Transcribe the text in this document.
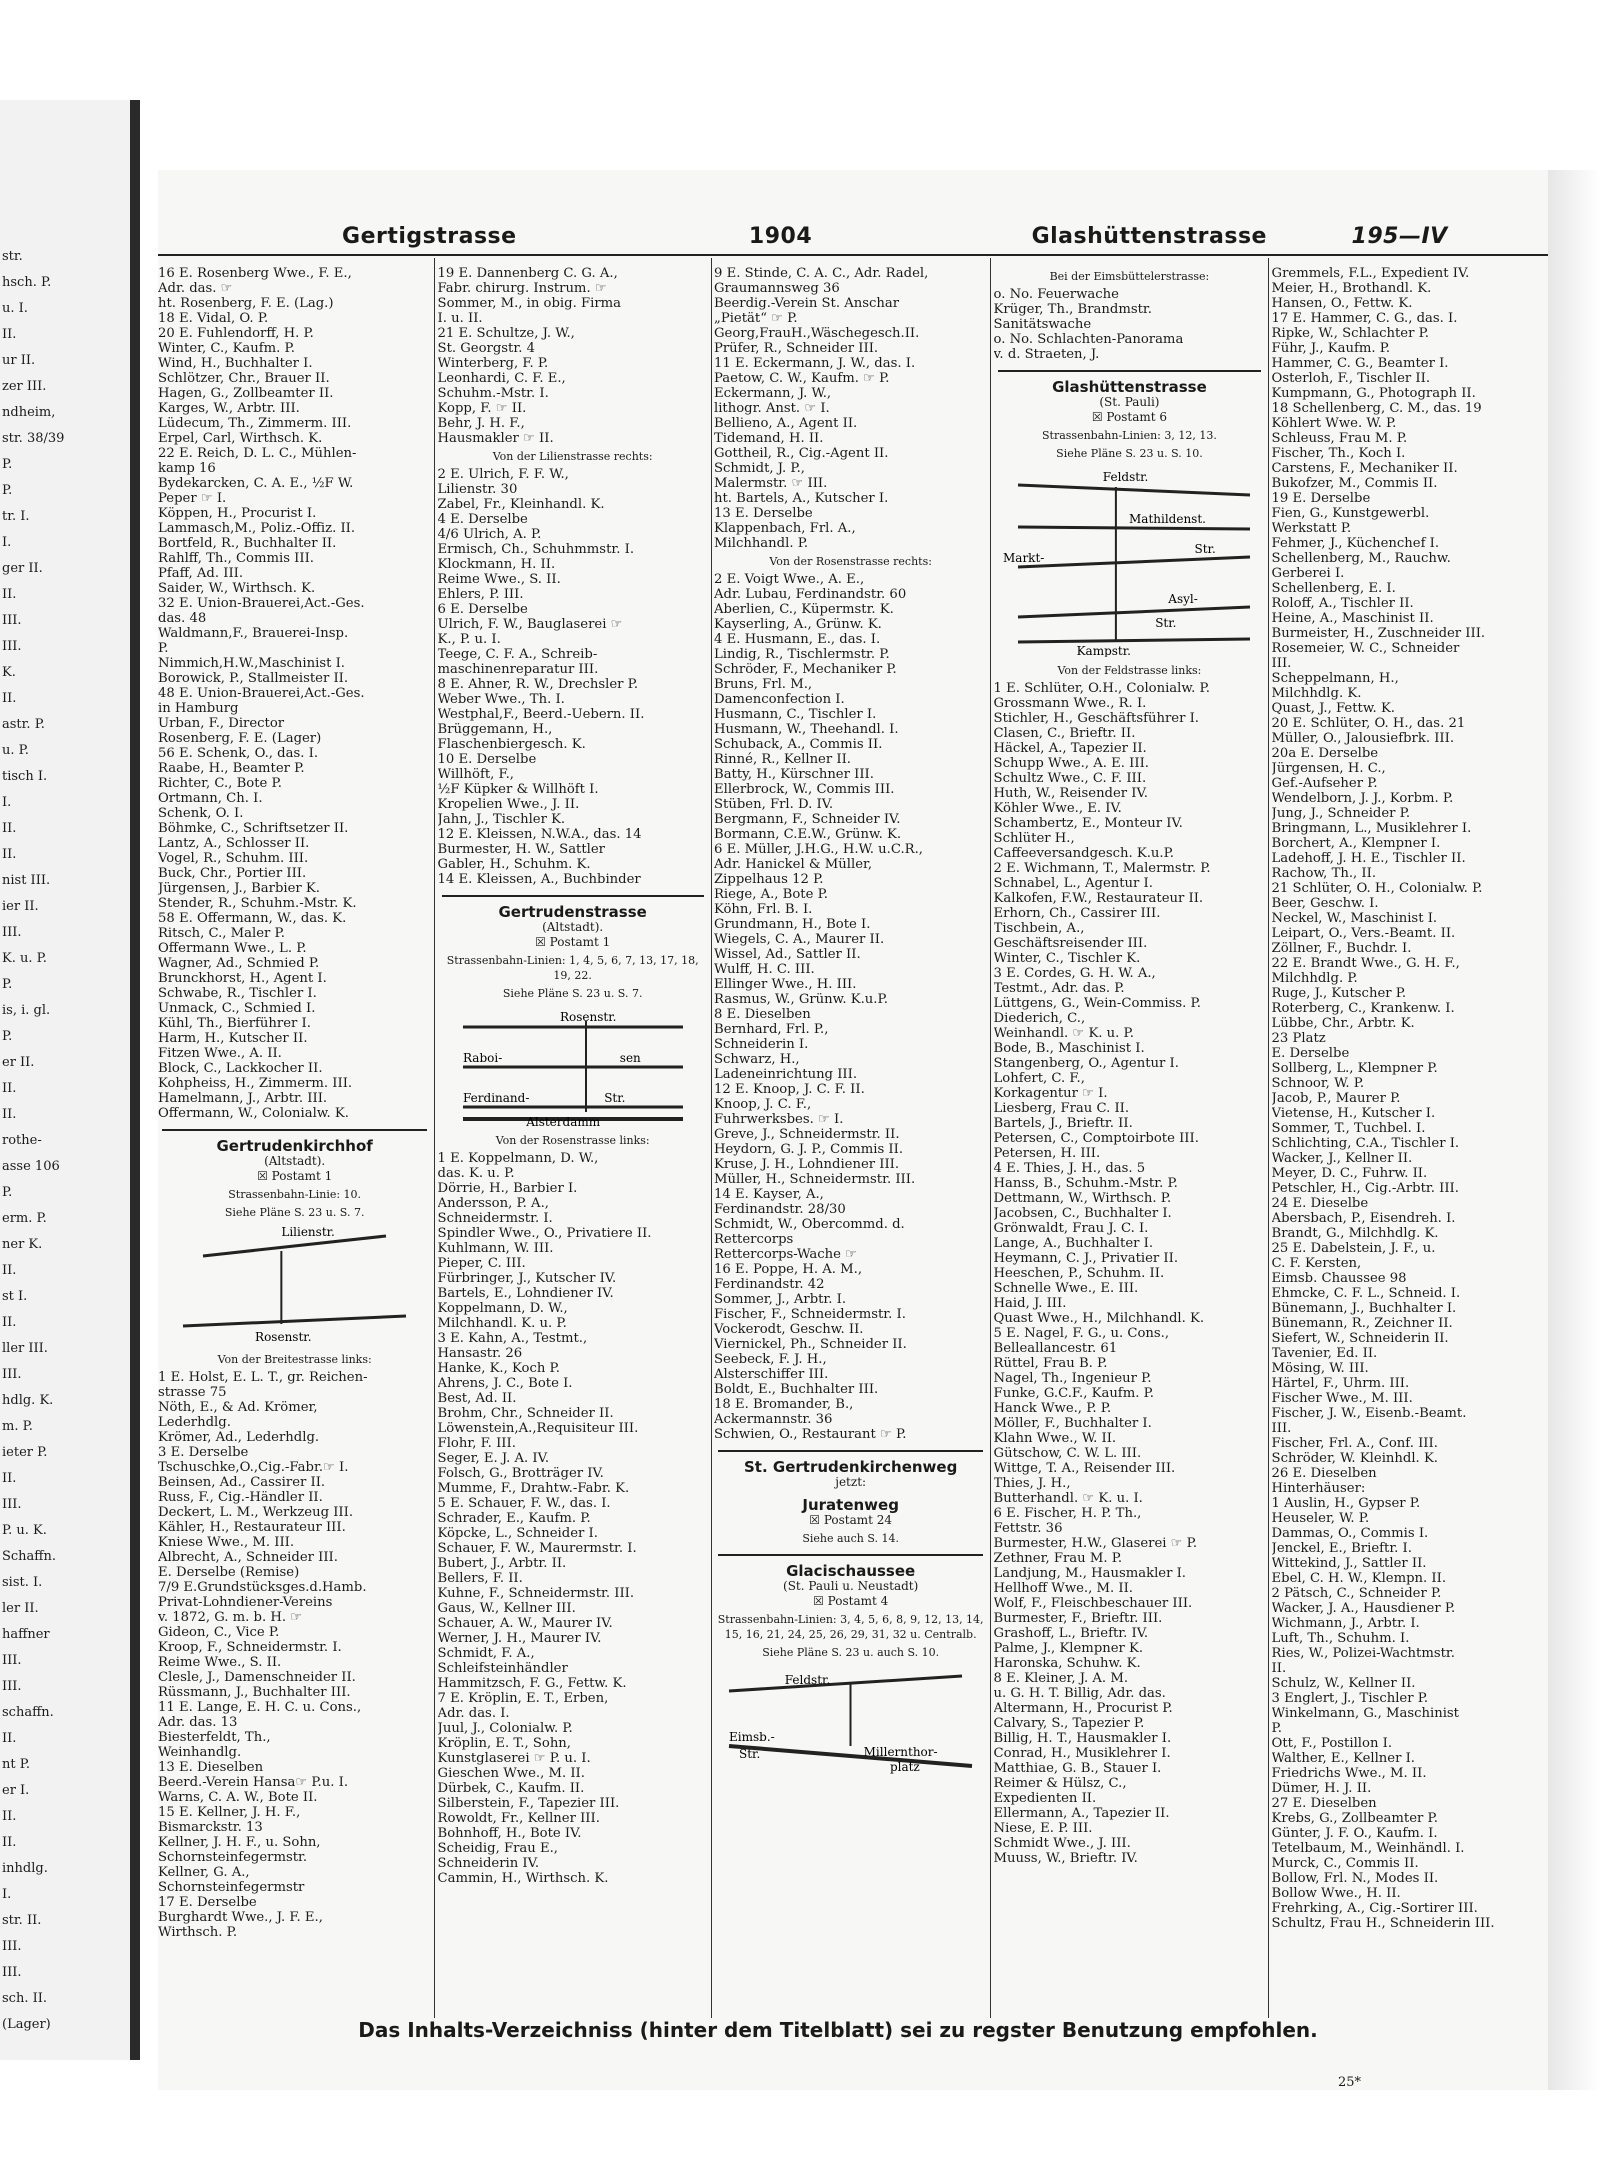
str.
hsch. P.
u. I.
II.
ur II.
zer III.
ndheim,
str. 38/39
P.
P.
tr. I.
I.
ger II.
II.
III.
III.
K.
II.
astr. P.
u. P.
tisch I.
I.
II.
II.
nist III.
ier II.
III.
K. u. P.
P.
is, i. gl.
P.
er II.
II.
II.
rothe-
asse 106
P.
erm. P.
ner K.
II.
st I.
II.
ller III.
III.
hdlg. K.
m. P.
ieter P.
II.
III.
P. u. K.
Schaffn.
sist. I.
ler II.
haffner
III.
III.
schaffn.
II.
nt P.
er I.
II.
II.
inhdlg.
I.
str. II.
III.
III.
sch. II.
(Lager)
Gertigstrasse	1904	Glashüttenstrasse	195—IV
16 E. Rosenberg Wwe., F. E.,
Adr. das. ☞
ht. Rosenberg, F. E. (Lag.)
18 E. Vidal, O. P.
20 E. Fuhlendorff, H. P.
Winter, C., Kaufm. P.
Wind, H., Buchhalter I.
Schlötzer, Chr., Brauer II.
Hagen, G., Zollbeamter II.
Karges, W., Arbtr. III.
Lüdecum, Th., Zimmerm. III.
Erpel, Carl, Wirthsch. K.
22 E. Reich, D. L. C., Mühlen-
kamp 16
Bydekarcken, C. A. E., ½F W.
Peper ☞ I.
Köppen, H., Procurist I.
Lammasch,M., Poliz.-Offiz. II.
Bortfeld, R., Buchhalter II.
Rahlff, Th., Commis III.
Pfaff, Ad. III.
Saider, W., Wirthsch. K.
32 E. Union-Brauerei,Act.-Ges.
das. 48
Waldmann,F., Brauerei-Insp.
P.
Nimmich,H.W.,Maschinist I.
Borowick, P., Stallmeister II.
48 E. Union-Brauerei,Act.-Ges.
in Hamburg
Urban, F., Director
Rosenberg, F. E. (Lager)
56 E. Schenk, O., das. I.
Raabe, H., Beamter P.
Richter, C., Bote P.
Ortmann, Ch. I.
Schenk, O. I.
Böhmke, C., Schriftsetzer II.
Lantz, A., Schlosser II.
Vogel, R., Schuhm. III.
Buck, Chr., Portier III.
Jürgensen, J., Barbier K.
Stender, R., Schuhm.-Mstr. K.
58 E. Offermann, W., das. K.
Ritsch, C., Maler P.
Offermann Wwe., L. P.
Wagner, Ad., Schmied P.
Brunckhorst, H., Agent I.
Schwabe, R., Tischler I.
Unmack, C., Schmied I.
Kühl, Th., Bierführer I.
Harm, H., Kutscher II.
Fitzen Wwe., A. II.
Block, C., Lackkocher II.
Kohpheiss, H., Zimmerm. III.
Hamelmann, J., Arbtr. III.
Offermann, W., Colonialw. K.
Gertrudenkirchhof
(Altstadt).
☒ Postamt 1
Strassenbahn-Linie: 10.
Siehe Pläne S. 23 u. S. 7.
Lilienstr.
Rosenstr.
Von der Breitestrasse links:
1 E. Holst, E. L. T., gr. Reichen-
strasse 75
Nöth, E., & Ad. Krömer,
Lederhdlg.
Krömer, Ad., Lederhdlg.
3 E. Derselbe
Tschuschke,O.,Cig.-Fabr.☞ I.
Beinsen, Ad., Cassirer II.
Russ, F., Cig.-Händler II.
Deckert, L. M., Werkzeug III.
Kähler, H., Restaurateur III.
Kniese Wwe., M. III.
Albrecht, A., Schneider III.
E. Derselbe (Remise)
7/9 E.Grundstücksges.d.Hamb.
Privat-Lohndiener-Vereins
v. 1872, G. m. b. H. ☞
Gideon, C., Vice P.
Kroop, F., Schneidermstr. I.
Reime Wwe., S. II.
Clesle, J., Damenschneider II.
Rüssmann, J., Buchhalter III.
11 E. Lange, E. H. C. u. Cons.,
Adr. das. 13
Biesterfeldt, Th.,
Weinhandlg.
13 E. Dieselben
Beerd.-Verein Hansa☞ P.u. I.
Warns, C. A. W., Bote II.
15 E. Kellner, J. H. F.,
Bismarckstr. 13
Kellner, J. H. F., u. Sohn,
Schornsteinfegermstr.
Kellner, G. A.,
Schornsteinfegermstr
17 E. Derselbe
Burghardt Wwe., J. F. E.,
Wirthsch. P.
19 E. Dannenberg C. G. A.,
Fabr. chirurg. Instrum. ☞
Sommer, M., in obig. Firma
I. u. II.
21 E. Schultze, J. W.,
St. Georgstr. 4
Winterberg, F. P.
Leonhardi, C. F. E.,
Schuhm.-Mstr. I.
Kopp, F. ☞ II.
Behr, J. H. F.,
Hausmakler ☞ II.
Von der Lilienstrasse rechts:
2 E. Ulrich, F. F. W.,
Lilienstr. 30
Zabel, Fr., Kleinhandl. K.
4 E. Derselbe
4/6 Ulrich, A. P.
Ermisch, Ch., Schuhmmstr. I.
Klockmann, H. II.
Reime Wwe., S. II.
Ehlers, P. III.
6 E. Derselbe
Ulrich, F. W., Bauglaserei ☞
K., P. u. I.
Teege, C. F. A., Schreib-
maschinenreparatur III.
8 E. Ahner, R. W., Drechsler P.
Weber Wwe., Th. I.
Westphal,F., Beerd.-Uebern. II.
Brüggemann, H.,
Flaschenbiergesch. K.
10 E. Derselbe
Willhöft, F.,
½F Küpker & Willhöft I.
Kropelien Wwe., J. II.
Jahn, J., Tischler K.
12 E. Kleissen, N.W.A., das. 14
Burmester, H. W., Sattler
Gabler, H., Schuhm. K.
14 E. Kleissen, A., Buchbinder
Gertrudenstrasse
(Altstadt).
☒ Postamt 1
Strassenbahn-Linien: 1, 4, 5, 6, 7, 13, 17, 18, 19, 22.
Siehe Pläne S. 23 u. S. 7.
Rosenstr.
Raboi-	sen
Ferdinand-	Str.
Alsterdamm
Von der Rosenstrasse links:
1 E. Koppelmann, D. W.,
das. K. u. P.
Dörrie, H., Barbier I.
Andersson, P. A.,
Schneidermstr. I.
Spindler Wwe., O., Privatiere II.
Kuhlmann, W. III.
Pieper, C. III.
Fürbringer, J., Kutscher IV.
Bartels, E., Lohndiener IV.
Koppelmann, D. W.,
Milchhandl. K. u. P.
3 E. Kahn, A., Testmt.,
Hansastr. 26
Hanke, K., Koch P.
Ahrens, J. C., Bote I.
Best, Ad. II.
Brohm, Chr., Schneider II.
Löwenstein,A.,Requisiteur III.
Flohr, F. III.
Seger, E. J. A. IV.
Folsch, G., Brotträger IV.
Mumme, F., Drahtw.-Fabr. K.
5 E. Schauer, F. W., das. I.
Schrader, E., Kaufm. P.
Köpcke, L., Schneider I.
Schauer, F. W., Maurermstr. I.
Bubert, J., Arbtr. II.
Bellers, F. II.
Kuhne, F., Schneidermstr. III.
Gaus, W., Kellner III.
Schauer, A. W., Maurer IV.
Werner, J. H., Maurer IV.
Schmidt, F. A.,
Schleifsteinhändler
Hammitzsch, F. G., Fettw. K.
7 E. Kröplin, E. T., Erben,
Adr. das. I.
Juul, J., Colonialw. P.
Kröplin, E. T., Sohn,
Kunstglaserei ☞ P. u. I.
Gieschen Wwe., M. II.
Dürbek, C., Kaufm. II.
Silberstein, F., Tapezier III.
Rowoldt, Fr., Kellner III.
Bohnhoff, H., Bote IV.
Scheidig, Frau E.,
Schneiderin IV.
Cammin, H., Wirthsch. K.
9 E. Stinde, C. A. C., Adr. Radel,
Graumannsweg 36
Beerdig.-Verein St. Anschar
„Pietät“ ☞ P.
Georg,FrauH.,Wäschegesch.II.
Prüfer, R., Schneider III.
11 E. Eckermann, J. W., das. I.
Paetow, C. W., Kaufm. ☞ P.
Eckermann, J. W.,
lithogr. Anst. ☞ I.
Bellieno, A., Agent II.
Tidemand, H. II.
Gottheil, R., Cig.-Agent II.
Schmidt, J. P.,
Malermstr. ☞ III.
ht. Bartels, A., Kutscher I.
13 E. Derselbe
Klappenbach, Frl. A.,
Milchhandl. P.
Von der Rosenstrasse rechts:
2 E. Voigt Wwe., A. E.,
Adr. Lubau, Ferdinandstr. 60
Aberlien, C., Küpermstr. K.
Kayserling, A., Grünw. K.
4 E. Husmann, E., das. I.
Lindig, R., Tischlermstr. P.
Schröder, F., Mechaniker P.
Bruns, Frl. M.,
Damenconfection I.
Husmann, C., Tischler I.
Husmann, W., Theehandl. I.
Schuback, A., Commis II.
Rinné, R., Kellner II.
Batty, H., Kürschner III.
Ellerbrock, W., Commis III.
Stüben, Frl. D. IV.
Bergmann, F., Schneider IV.
Bormann, C.E.W., Grünw. K.
6 E. Müller, J.H.G., H.W. u.C.R.,
Adr. Hanickel & Müller,
Zippelhaus 12 P.
Riege, A., Bote P.
Köhn, Frl. B. I.
Grundmann, H., Bote I.
Wiegels, C. A., Maurer II.
Wissel, Ad., Sattler II.
Wulff, H. C. III.
Ellinger Wwe., H. III.
Rasmus, W., Grünw. K.u.P.
8 E. Dieselben
Bernhard, Frl. P.,
Schneiderin I.
Schwarz, H.,
Ladeneinrichtung III.
12 E. Knoop, J. C. F. II.
Knoop, J. C. F.,
Fuhrwerksbes. ☞ I.
Greve, J., Schneidermstr. II.
Heydorn, G. J. P., Commis II.
Kruse, J. H., Lohndiener III.
Müller, H., Schneidermstr. III.
14 E. Kayser, A.,
Ferdinandstr. 28/30
Schmidt, W., Obercommd. d.
Rettercorps
Rettercorps-Wache ☞
16 E. Poppe, H. A. M.,
Ferdinandstr. 42
Sommer, J., Arbtr. I.
Fischer, F., Schneidermstr. I.
Vockerodt, Geschw. II.
Viernickel, Ph., Schneider II.
Seebeck, F. J. H.,
Alsterschiffer III.
Boldt, E., Buchhalter III.
18 E. Bromander, B.,
Ackermannstr. 36
Schwien, O., Restaurant ☞ P.
St. Gertrudenkirchenweg
jetzt:
Juratenweg
☒ Postamt 24
Siehe auch S. 14.
Glacischaussee
(St. Pauli u. Neustadt)
☒ Postamt 4
Strassenbahn-Linien: 3, 4, 5, 6, 8, 9, 12, 13, 14, 15, 16, 21, 24, 25, 26, 29, 31, 32 u. Centralb.
Siehe Pläne S. 23 u. auch S. 10.
Feldstr.
Eimsb.-
Str.	Millernthor-
platz
Bei der Eimsbüttelerstrasse:
o. No. Feuerwache
Krüger, Th., Brandmstr.
Sanitätswache
o. No. Schlachten-Panorama
v. d. Straeten, J.
Glashüttenstrasse
(St. Pauli)
☒ Postamt 6
Strassenbahn-Linien: 3, 12, 13.
Siehe Pläne S. 23 u. S. 10.
Feldstr.
Mathildenst.
Markt-
Str.
Asyl-
Str.
Kampstr.
Von der Feldstrasse links:
1 E. Schlüter, O.H., Colonialw. P.
Grossmann Wwe., R. I.
Stichler, H., Geschäftsführer I.
Clasen, C., Brieftr. II.
Häckel, A., Tapezier II.
Schupp Wwe., A. E. III.
Schultz Wwe., C. F. III.
Huth, W., Reisender IV.
Köhler Wwe., E. IV.
Schambertz, E., Monteur IV.
Schlüter H.,
Caffeeversandgesch. K.u.P.
2 E. Wichmann, T., Malermstr. P.
Schnabel, L., Agentur I.
Kalkofen, F.W., Restaurateur II.
Erhorn, Ch., Cassirer III.
Tischbein, A.,
Geschäftsreisender III.
Winter, C., Tischler K.
3 E. Cordes, G. H. W. A.,
Testmt., Adr. das. P.
Lüttgens, G., Wein-Commiss. P.
Diederich, C.,
Weinhandl. ☞ K. u. P.
Bode, B., Maschinist I.
Stangenberg, O., Agentur I.
Lohfert, C. F.,
Korkagentur ☞ I.
Liesberg, Frau C. II.
Bartels, J., Brieftr. II.
Petersen, C., Comptoirbote III.
Petersen, H. III.
4 E. Thies, J. H., das. 5
Hanss, B., Schuhm.-Mstr. P.
Dettmann, W., Wirthsch. P.
Jacobsen, C., Buchhalter I.
Grönwaldt, Frau J. C. I.
Lange, A., Buchhalter I.
Heymann, C. J., Privatier II.
Heeschen, P., Schuhm. II.
Schnelle Wwe., E. III.
Haid, J. III.
Quast Wwe., H., Milchhandl. K.
5 E. Nagel, F. G., u. Cons.,
Belleallancestr. 61
Rüttel, Frau B. P.
Nagel, Th., Ingenieur P.
Funke, G.C.F., Kaufm. P.
Hanck Wwe., P. P.
Möller, F., Buchhalter I.
Klahn Wwe., W. II.
Gütschow, C. W. L. III.
Wittge, T. A., Reisender III.
Thies, J. H.,
Butterhandl. ☞ K. u. I.
6 E. Fischer, H. P. Th.,
Fettstr. 36
Burmester, H.W., Glaserei ☞ P.
Zethner, Frau M. P.
Landjung, M., Hausmakler I.
Hellhoff Wwe., M. II.
Wolf, F., Fleischbeschauer III.
Burmester, F., Brieftr. III.
Grashoff, L., Brieftr. IV.
Palme, J., Klempner K.
Haronska, Schuhw. K.
8 E. Kleiner, J. A. M.
u. G. H. T. Billig, Adr. das.
Altermann, H., Procurist P.
Calvary, S., Tapezier P.
Billig, H. T., Hausmakler I.
Conrad, H., Musiklehrer I.
Matthiae, G. B., Stauer I.
Reimer & Hülsz, C.,
Expedienten II.
Ellermann, A., Tapezier II.
Niese, E. P. III.
Schmidt Wwe., J. III.
Muuss, W., Brieftr. IV.
Gremmels, F.L., Expedient IV.
Meier, H., Brothandl. K.
Hansen, O., Fettw. K.
17 E. Hammer, C. G., das. I.
Ripke, W., Schlachter P.
Führ, J., Kaufm. P.
Hammer, C. G., Beamter I.
Osterloh, F., Tischler II.
Kumpmann, G., Photograph II.
18 Schellenberg, C. M., das. 19
Köhlert Wwe. W. P.
Schleuss, Frau M. P.
Fischer, Th., Koch I.
Carstens, F., Mechaniker II.
Bukofzer, M., Commis II.
19 E. Derselbe
Fien, G., Kunstgewerbl.
Werkstatt P.
Fehmer, J., Küchenchef I.
Schellenberg, M., Rauchw.
Gerberei I.
Schellenberg, E. I.
Roloff, A., Tischler II.
Heine, A., Maschinist II.
Burmeister, H., Zuschneider III.
Rosemeier, W. C., Schneider
III.
Scheppelmann, H.,
Milchhdlg. K.
Quast, J., Fettw. K.
20 E. Schlüter, O. H., das. 21
Müller, O., Jalousiefbrk. III.
20a E. Derselbe
Jürgensen, H. C.,
Gef.-Aufseher P.
Wendelborn, J. J., Korbm. P.
Jung, J., Schneider P.
Bringmann, L., Musiklehrer I.
Borchert, A., Klempner I.
Ladehoff, J. H. E., Tischler II.
Rachow, Th., II.
21 Schlüter, O. H., Colonialw. P.
Beer, Geschw. I.
Neckel, W., Maschinist I.
Leipart, O., Vers.-Beamt. II.
Zöllner, F., Buchdr. I.
22 E. Brandt Wwe., G. H. F.,
Milchhdlg. P.
Ruge, J., Kutscher P.
Roterberg, C., Krankenw. I.
Lübbe, Chr., Arbtr. K.
23 Platz
E. Derselbe
Sollberg, L., Klempner P.
Schnoor, W. P.
Jacob, P., Maurer P.
Vietense, H., Kutscher I.
Sommer, T., Tuchbel. I.
Schlichting, C.A., Tischler I.
Wacker, J., Kellner II.
Meyer, D. C., Fuhrw. II.
Petschler, H., Cig.-Arbtr. III.
24 E. Dieselbe
Abersbach, P., Eisendreh. I.
Brandt, G., Milchhdlg. K.
25 E. Dabelstein, J. F., u.
C. F. Kersten,
Eimsb. Chaussee 98
Ehmcke, C. F. L., Schneid. I.
Bünemann, J., Buchhalter I.
Bünemann, R., Zeichner II.
Siefert, W., Schneiderin II.
Tavenier, Ed. II.
Mösing, W. III.
Härtel, F., Uhrm. III.
Fischer Wwe., M. III.
Fischer, J. W., Eisenb.-Beamt.
III.
Fischer, Frl. A., Conf. III.
Schröder, W. Kleinhdl. K.
26 E. Dieselben
Hinterhäuser:
1 Auslin, H., Gypser P.
Heuseler, W. P.
Dammas, O., Commis I.
Jenckel, E., Brieftr. I.
Wittekind, J., Sattler II.
Ebel, C. H. W., Klempn. II.
2 Pätsch, C., Schneider P.
Wacker, J. A., Hausdiener P.
Wichmann, J., Arbtr. I.
Luft, Th., Schuhm. I.
Ries, W., Polizei-Wachtmstr.
II.
Schulz, W., Kellner II.
3 Englert, J., Tischler P.
Winkelmann, G., Maschinist
P.
Ott, F., Postillon I.
Walther, E., Kellner I.
Friedrichs Wwe., M. II.
Dümer, H. J. II.
27 E. Dieselben
Krebs, G., Zollbeamter P.
Günter, J. F. O., Kaufm. I.
Tetelbaum, M., Weinhändl. I.
Murck, C., Commis II.
Bollow, Frl. N., Modes II.
Bollow Wwe., H. II.
Frehrking, A., Cig.-Sortirer III.
Schultz, Frau H., Schneiderin III.
Das Inhalts-Verzeichniss (hinter dem Titelblatt) sei zu regster Benutzung empfohlen.
25*
